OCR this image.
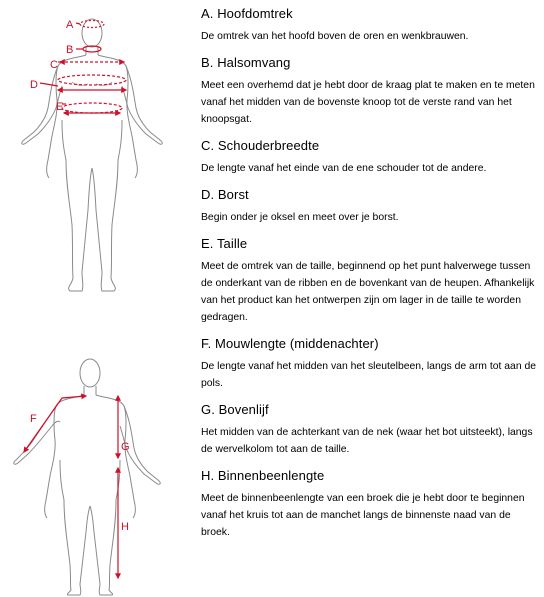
A
B
C
D
E
F
G
H
A. Hoofdomtrek

De omtrek van het hoofd boven de oren en wenkbrauwen.

B. Halsomvang

Meet een overhemd dat je hebt door de kraag plat te maken en te meten vanaf het midden van de bovenste knoop tot de verste rand van het knoopsgat.

C. Schouderbreedte

De lengte vanaf het einde van de ene schouder tot de andere.

D. Borst

Begin onder je oksel en meet over je borst.

E. Taille

Meet de omtrek van de taille, beginnend op het punt halverwege tussen de onderkant van de ribben en de bovenkant van de heupen. Afhankelijk van het product kan het ontwerpen zijn om lager in de taille te worden gedragen.

F. Mouwlengte (middenachter)

De lengte vanaf het midden van het sleutelbeen, langs de arm tot aan de pols.

G. Bovenlijf

Het midden van de achterkant van de nek (waar het bot uitsteekt), langs de wervelkolom tot aan de taille.

H. Binnenbeenlengte

Meet de binnenbeenlengte van een broek die je hebt door te beginnen vanaf het kruis tot aan de manchet langs de binnenste naad van de broek.
